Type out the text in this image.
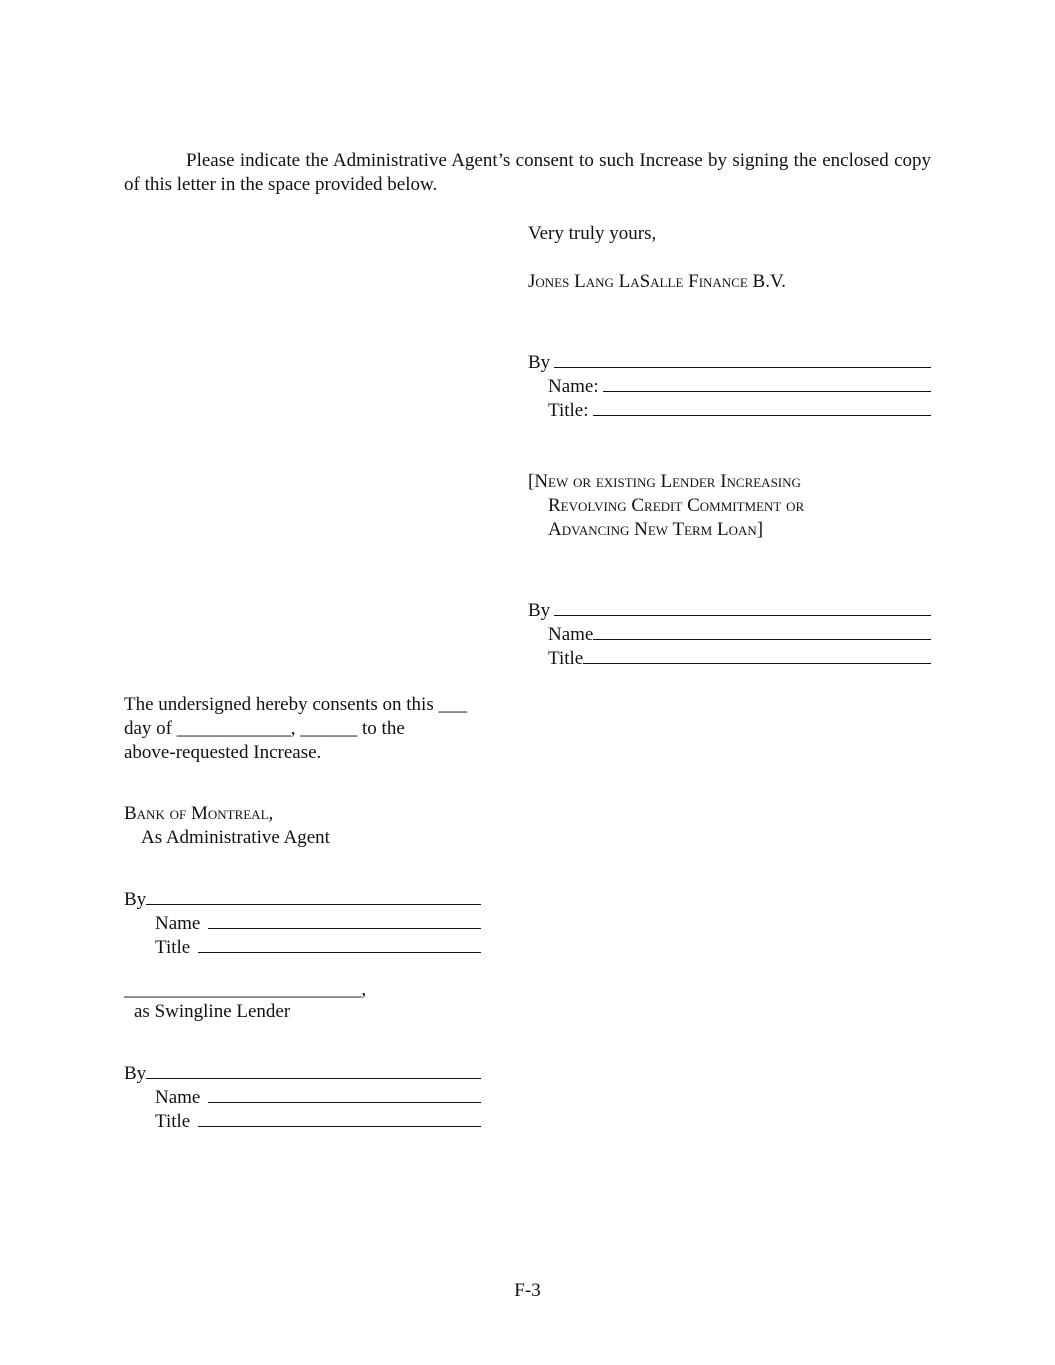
Please indicate the Administrative Agent’s consent to such Increase by signing the enclosed copy of this letter in the space provided below.

Very truly yours,
Jones Lang LaSalle Finance B.V.
By
Name:
Title:
[New or existing Lender Increasing
Revolving Credit Commitment or
Advancing New Term Loan]
By
Name
Title
The undersigned hereby consents on this ___
day of ____________, ______ to the
above-requested Increase.
Bank of Montreal,
As Administrative Agent
By
Name
Title
_________________________,
as Swingline Lender
By
Name
Title
F-3
